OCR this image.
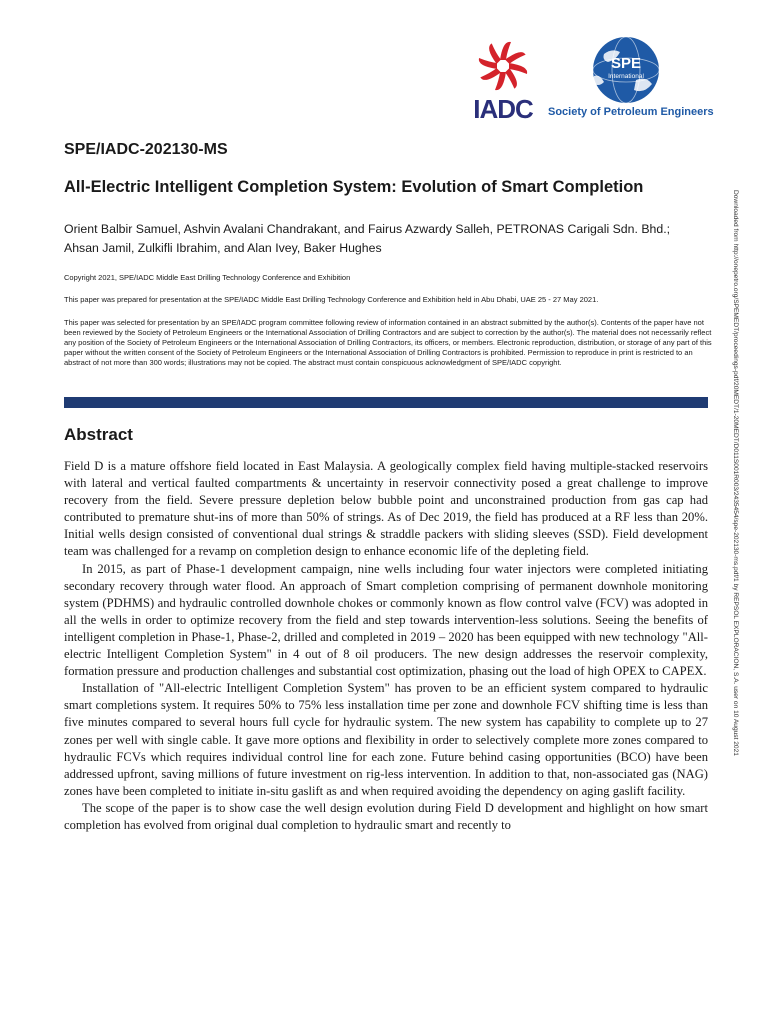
IADC
SPE
International
Society of Petroleum Engineers
SPE/IADC-202130-MS
All-Electric Intelligent Completion System: Evolution of Smart Completion
Orient Balbir Samuel, Ashvin Avalani Chandrakant, and Fairus Azwardy Salleh, PETRONAS Carigali Sdn. Bhd.; Ahsan Jamil, Zulkifli Ibrahim, and Alan Ivey, Baker Hughes
Copyright 2021, SPE/IADC Middle East Drilling Technology Conference and Exhibition
This paper was prepared for presentation at the SPE/IADC Middle East Drilling Technology Conference and Exhibition held in Abu Dhabi, UAE 25 - 27 May 2021.
This paper was selected for presentation by an SPE/IADC program committee following review of information contained in an abstract submitted by the author(s). Contents of the paper have not been reviewed by the Society of Petroleum Engineers or the International Association of Drilling Contractors and are subject to correction by the author(s). The material does not necessarily reflect any position of the Society of Petroleum Engineers or the International Association of Drilling Contractors, its officers, or members. Electronic reproduction, distribution, or storage of any part of this paper without the written consent of the Society of Petroleum Engineers or the International Association of Drilling Contractors is prohibited. Permission to reproduce in print is restricted to an abstract of not more than 300 words; illustrations may not be copied. The abstract must contain conspicuous acknowledgment of SPE/IADC copyright.
Abstract

Field D is a mature offshore field located in East Malaysia. A geologically complex field having multiple-stacked reservoirs with lateral and vertical faulted compartments & uncertainty in reservoir connectivity posed a great challenge to improve recovery from the field. Severe pressure depletion below bubble point and unconstrained production from gas cap had contributed to premature shut-ins of more than 50% of strings. As of Dec 2019, the field has produced at a RF less than 20%. Initial wells design consisted of conventional dual strings & straddle packers with sliding sleeves (SSD). Field development team was challenged for a revamp on completion design to enhance economic life of the depleting field.

In 2015, as part of Phase-1 development campaign, nine wells including four water injectors were completed initiating secondary recovery through water flood. An approach of Smart completion comprising of permanent downhole monitoring system (PDHMS) and hydraulic controlled downhole chokes or commonly known as flow control valve (FCV) was adopted in all the wells in order to optimize recovery from the field and step towards intervention-less solutions. Seeing the benefits of intelligent completion in Phase-1, Phase-2, drilled and completed in 2019 – 2020 has been equipped with new technology "All-electric Intelligent Completion System" in 4 out of 8 oil producers. The new design addresses the reservoir complexity, formation pressure and production challenges and substantial cost optimization, phasing out the load of high OPEX to CAPEX.

Installation of "All-electric Intelligent Completion System" has proven to be an efficient system compared to hydraulic smart completions system. It requires 50% to 75% less installation time per zone and downhole FCV shifting time is less than five minutes compared to several hours full cycle for hydraulic system. The new system has capability to complete up to 27 zones per well with single cable. It gave more options and flexibility in order to selectively complete more zones compared to hydraulic FCVs which requires individual control line for each zone. Future behind casing opportunities (BCO) have been addressed upfront, saving millions of future investment on rig-less intervention. In addition to that, non-associated gas (NAG) zones have been completed to initiate in-situ gaslift as and when required avoiding the dependency on aging gaslift facility.

The scope of the paper is to show case the well design evolution during Field D development and highlight on how smart completion has evolved from original dual completion to hydraulic smart and recently to

Downloaded from http://onepetro.org/SPEMEDT/proceedings-pdf/20MEDT/1-20MEDT/D011S001R003/2435454/spe-202130-ms.pdf/1 by REPSOL EXPLORACION, S.A. user on 10 August 2021
